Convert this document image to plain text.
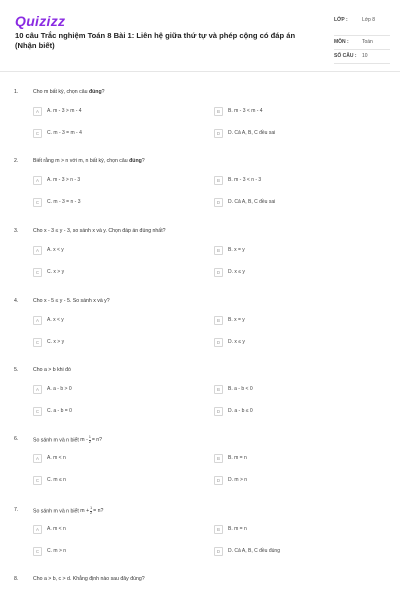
Quizizz
10 câu Trắc nghiệm Toán 8 Bài 1: Liên hệ giữa thứ tự và phép cộng có đáp án (Nhận biết)
LỚP :	Lớp 8
MÔN :	Toán
SỐ CÂU :	10
1.	Cho m bất kỳ, chọn câu đúng?
A	A. m - 3 > m - 4	B	B. m - 3 < m - 4
C	C. m - 3 = m - 4	D	D. Cả A, B, C đều sai
2.	Biết rằng m > n với m, n bất kỳ, chọn câu đúng?
A	A. m - 3 > n - 3	B	B. m - 3 < n - 3
C	C. m - 3 = n - 3	D	D. Cả A, B, C đều sai
3.	Cho x - 3 ≤ y - 3, so sánh x và y. Chọn đáp án đúng nhất?
A	A. x < y	B	B. x = y
C	C. x > y	D	D. x ≤ y
4.	Cho x - 5 ≤ y - 5. So sánh x và y?
A	A. x < y	B	B. x = y
C	C. x > y	D	D. x ≤ y
5.	Cho a > b khi đó
A	A. a - b > 0	B	B. a - b < 0
C	C. a - b = 0	D	D. a - b ≤ 0
6.	So sánh m và n biết $m - \frac{1}{2} = n$?
A	A. m < n	B	B. m = n
C	C. m ≤ n	D	D. m > n
7.	So sánh m và n biết $m + \frac{1}{2} = n$?
A	A. m < n	B	B. m = n
C	C. m > n	D	D. Cả A, B, C đều đúng
8.	Cho a > b, c > d. Khẳng định nào sau đây đúng?
